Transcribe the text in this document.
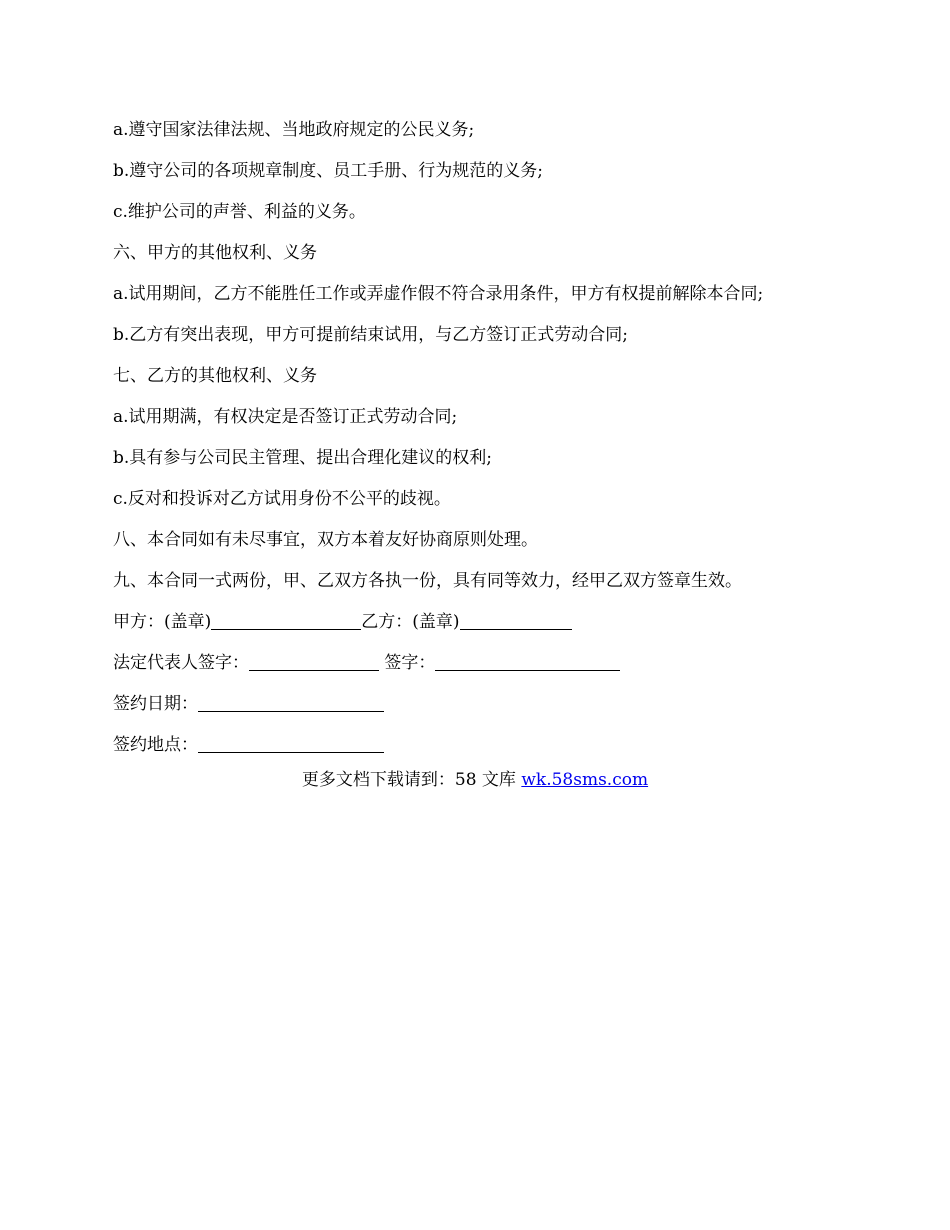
a.遵守国家法律法规、当地政府规定的公民义务;
b.遵守公司的各项规章制度、员工手册、行为规范的义务;
c.维护公司的声誉、利益的义务。
六、甲方的其他权利、义务
a.试用期间，乙方不能胜任工作或弄虚作假不符合录用条件，甲方有权提前解除本合同;
b.乙方有突出表现，甲方可提前结束试用，与乙方签订正式劳动合同;
七、乙方的其他权利、义务
a.试用期满，有权决定是否签订正式劳动合同;
b.具有参与公司民主管理、提出合理化建议的权利;
c.反对和投诉对乙方试用身份不公平的歧视。
八、本合同如有未尽事宜，双方本着友好协商原则处理。
九、本合同一式两份，甲、乙双方各执一份，具有同等效力，经甲乙双方签章生效。
甲方：(盖章)	乙方：(盖章)
法定代表人签字：	签字：
签约日期：
签约地点：
更多文档下载请到：58 文库 wk.58sms.com
